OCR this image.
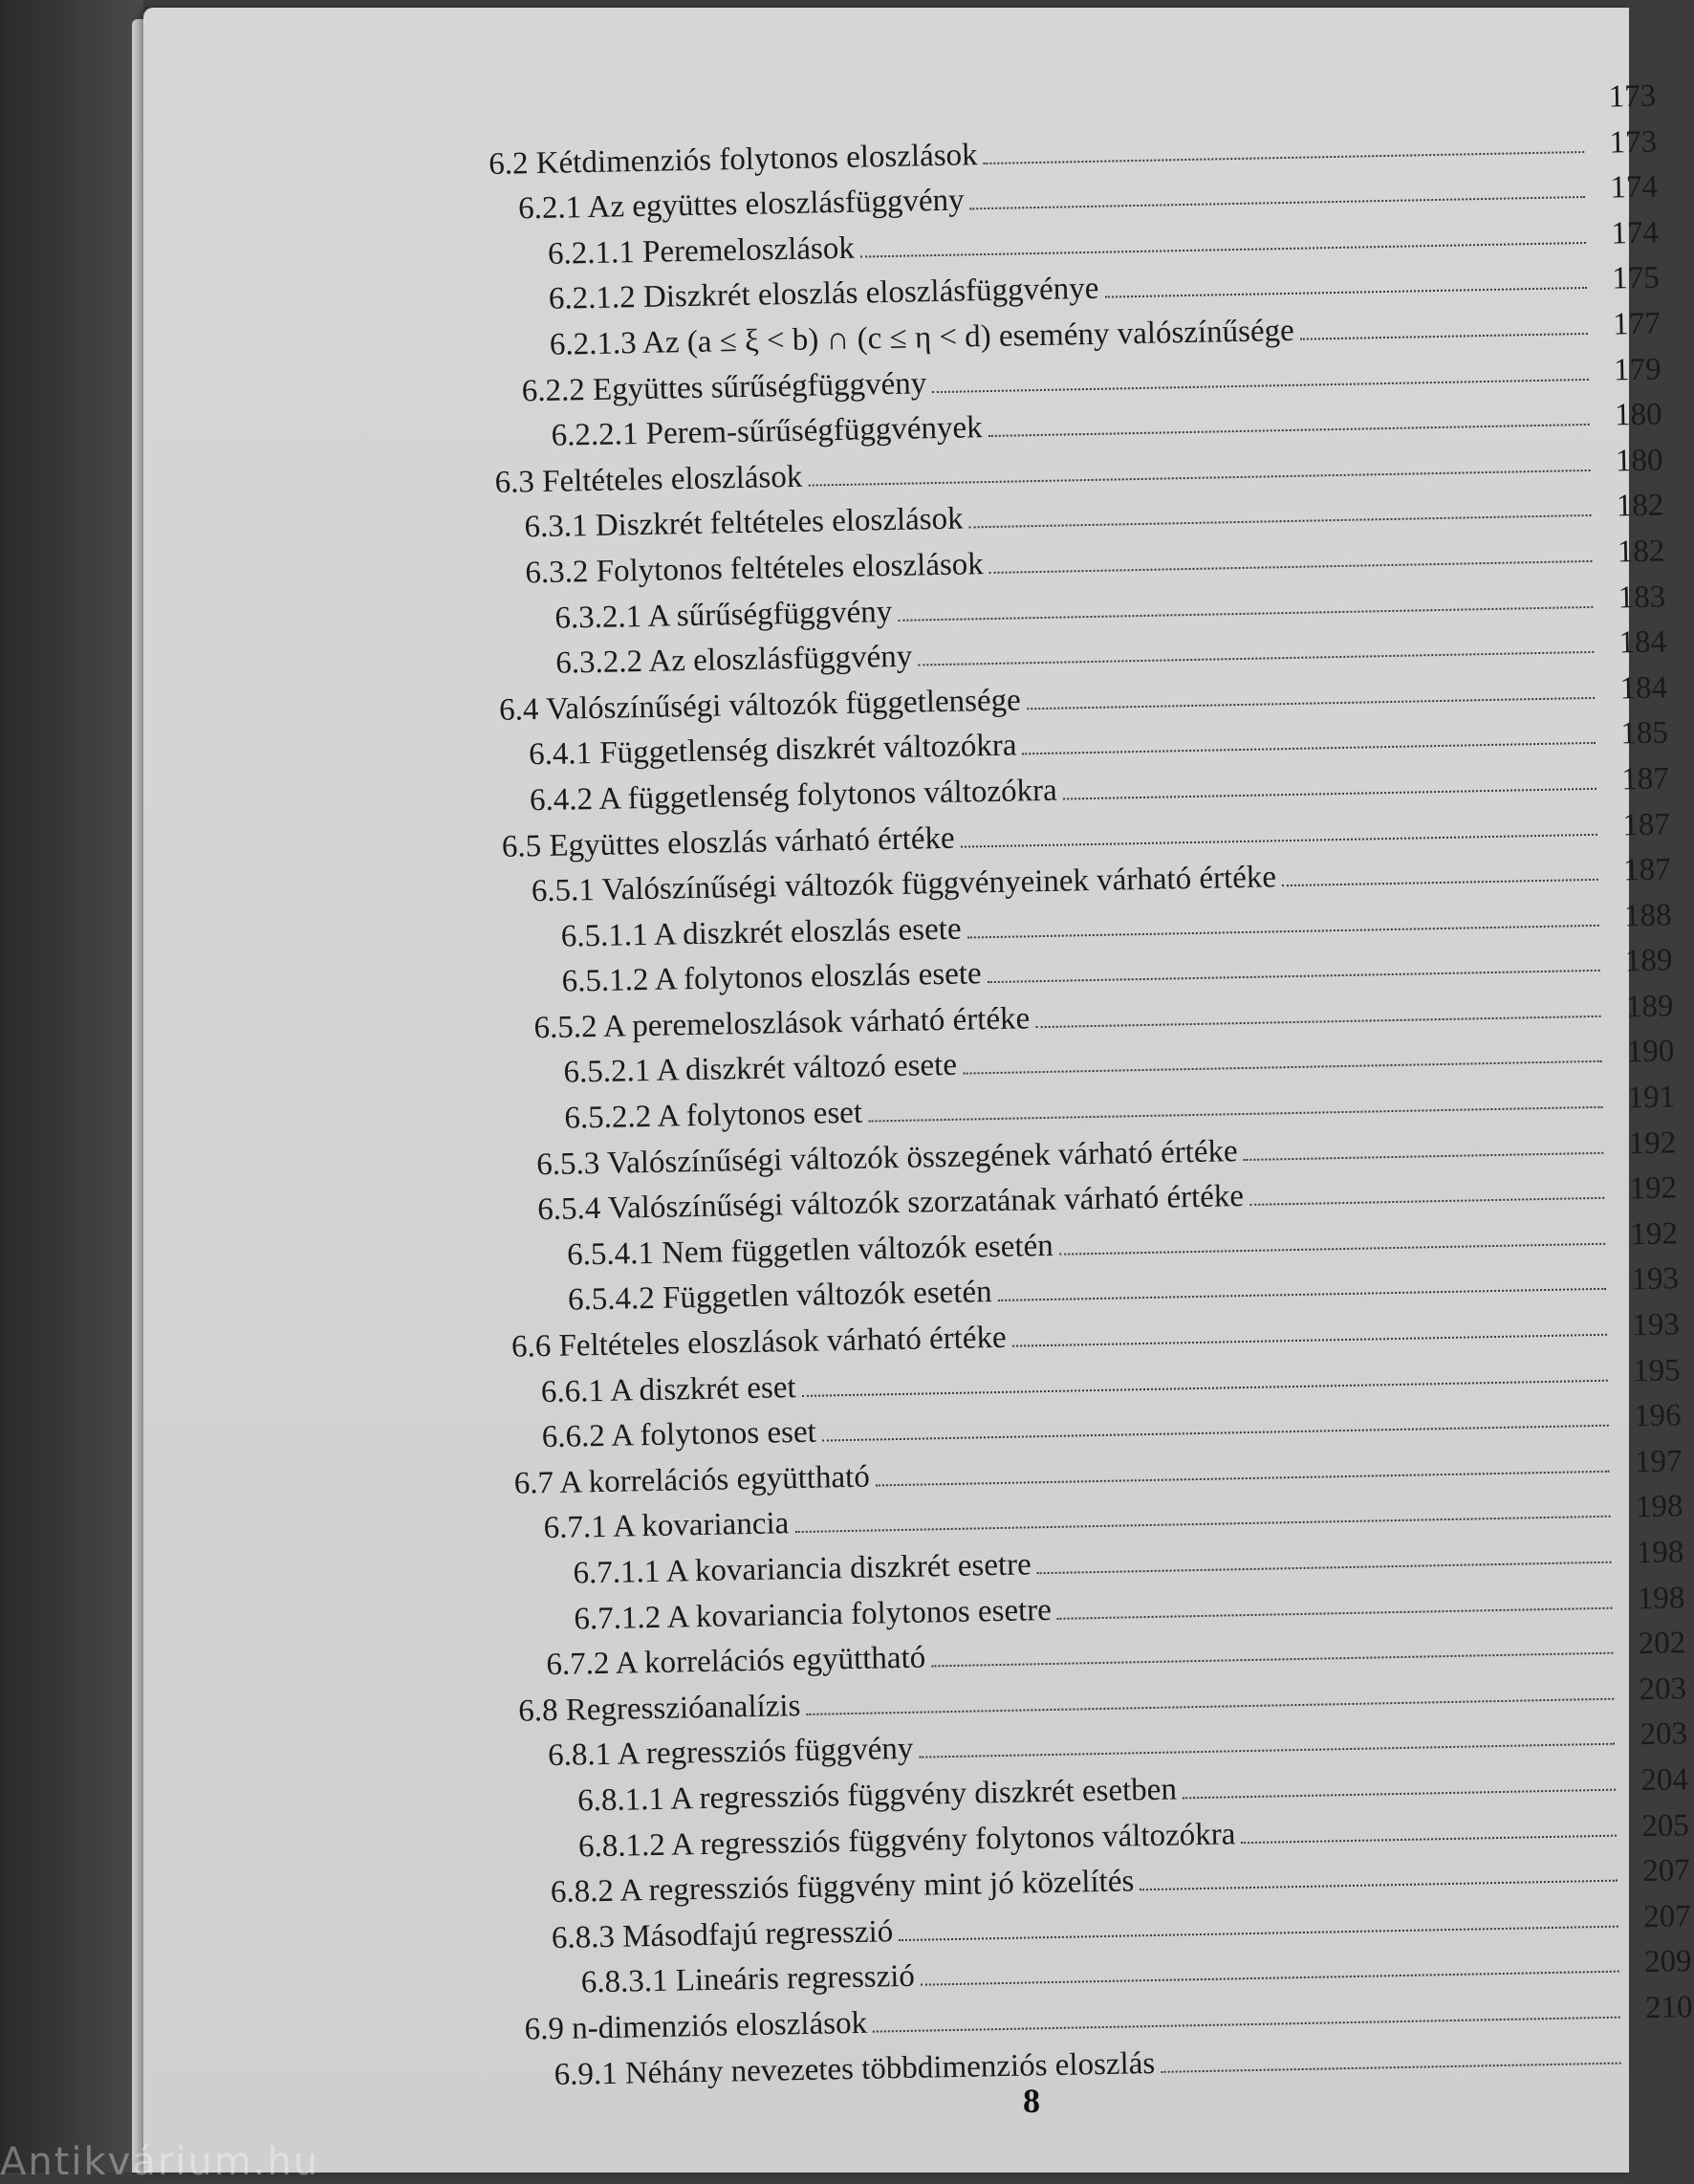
173
6.2 Kétdimenziós folytonos eloszlások	173
6.2.1 Az együttes eloszlásfüggvény	174
6.2.1.1 Peremeloszlások	174
6.2.1.2 Diszkrét eloszlás eloszlásfüggvénye	175
6.2.1.3 Az (a ≤ ξ < b) ∩ (c ≤ η < d) esemény valószínűsége	177
6.2.2 Együttes sűrűségfüggvény	179
6.2.2.1 Perem-sűrűségfüggvények	180
6.3 Feltételes eloszlások	180
6.3.1 Diszkrét feltételes eloszlások	182
6.3.2 Folytonos feltételes eloszlások	182
6.3.2.1 A sűrűségfüggvény	183
6.3.2.2 Az eloszlásfüggvény	184
6.4 Valószínűségi változók függetlensége	184
6.4.1 Függetlenség diszkrét változókra	185
6.4.2 A függetlenség folytonos változókra	187
6.5 Együttes eloszlás várható értéke	187
6.5.1 Valószínűségi változók függvényeinek várható értéke	187
6.5.1.1 A diszkrét eloszlás esete	188
6.5.1.2 A folytonos eloszlás esete	189
6.5.2 A peremeloszlások várható értéke	189
6.5.2.1 A diszkrét változó esete	190
6.5.2.2 A folytonos eset	191
6.5.3 Valószínűségi változók összegének várható értéke	192
6.5.4 Valószínűségi változók szorzatának várható értéke	192
6.5.4.1 Nem független változók esetén	192
6.5.4.2 Független változók esetén	193
6.6 Feltételes eloszlások várható értéke	193
6.6.1 A diszkrét eset	195
6.6.2 A folytonos eset	196
6.7 A korrelációs együttható	197
6.7.1 A kovariancia	198
6.7.1.1 A kovariancia diszkrét esetre	198
6.7.1.2 A kovariancia folytonos esetre	198
6.7.2 A korrelációs együttható	202
6.8 Regresszióanalízis	203
6.8.1 A regressziós függvény	203
6.8.1.1 A regressziós függvény diszkrét esetben	204
6.8.1.2 A regressziós függvény folytonos változókra	205
6.8.2 A regressziós függvény mint jó közelítés	207
6.8.3 Másodfajú regresszió	207
6.8.3.1 Lineáris regresszió	209
6.9 n-dimenziós eloszlások	210
6.9.1 Néhány nevezetes többdimenziós eloszlás
8
Antikvárium.hu
